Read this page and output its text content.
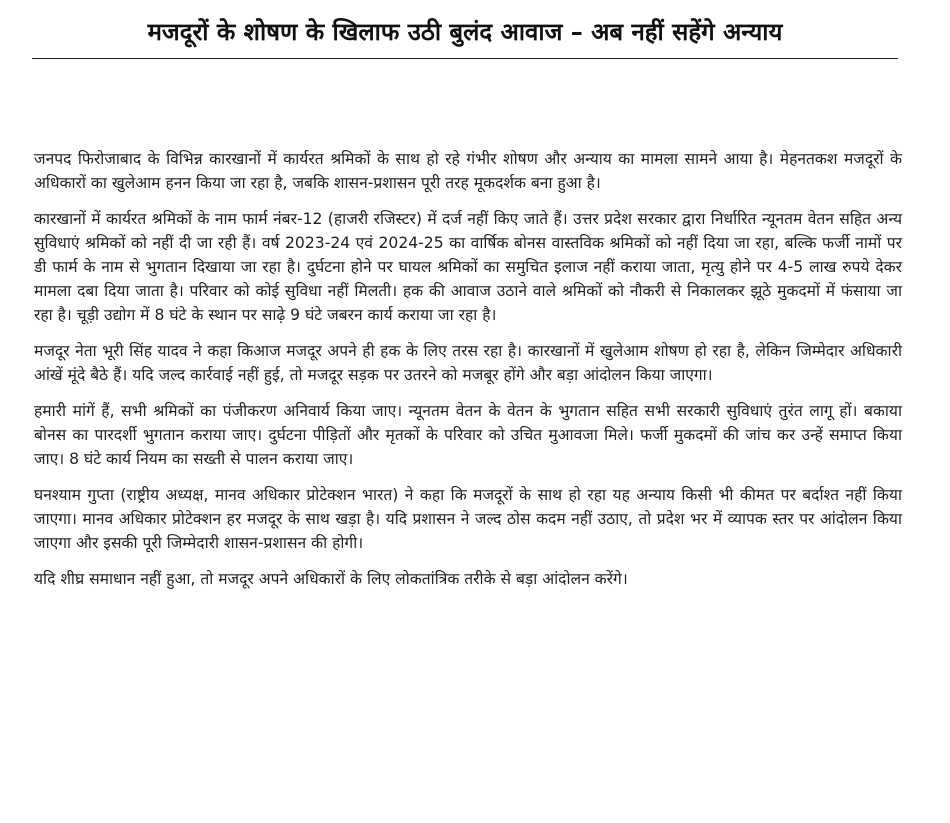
मजदूरों के शोषण के खिलाफ उठी बुलंद आवाज – अब नहीं सहेंगे अन्याय

जनपद फिरोजाबाद के विभिन्न कारखानों में कार्यरत श्रमिकों के साथ हो रहे गंभीर शोषण और अन्याय का मामला सामने आया है। मेहनतकश मजदूरों के अधिकारों का खुलेआम हनन किया जा रहा है, जबकि शासन-प्रशासन पूरी तरह मूकदर्शक बना हुआ है।

कारखानों में कार्यरत श्रमिकों के नाम फार्म नंबर-12 (हाजरी रजिस्टर) में दर्ज नहीं किए जाते हैं। उत्तर प्रदेश सरकार द्वारा निर्धारित न्यूनतम वेतन सहित अन्य सुविधाएं श्रमिकों को नहीं दी जा रही हैं। वर्ष 2023-24 एवं 2024-25 का वार्षिक बोनस वास्तविक श्रमिकों को नहीं दिया जा रहा, बल्कि फर्जी नामों पर डी फार्म के नाम से भुगतान दिखाया जा रहा है। दुर्घटना होने पर घायल श्रमिकों का समुचित इलाज नहीं कराया जाता, मृत्यु होने पर 4-5 लाख रुपये देकर मामला दबा दिया जाता है। परिवार को कोई सुविधा नहीं मिलती। हक की आवाज उठाने वाले श्रमिकों को नौकरी से निकालकर झूठे मुकदमों में फंसाया जा रहा है। चूड़ी उद्योग में 8 घंटे के स्थान पर साढ़े 9 घंटे जबरन कार्य कराया जा रहा है।

मजदूर नेता भूरी सिंह यादव ने कहा किआज मजदूर अपने ही हक के लिए तरस रहा है। कारखानों में खुलेआम शोषण हो रहा है, लेकिन जिम्मेदार अधिकारी आंखें मूंदे बैठे हैं। यदि जल्द कार्रवाई नहीं हुई, तो मजदूर सड़क पर उतरने को मजबूर होंगे और बड़ा आंदोलन किया जाएगा।

हमारी मांगें हैं, सभी श्रमिकों का पंजीकरण अनिवार्य किया जाए। न्यूनतम वेतन के वेतन के भुगतान सहित सभी सरकारी सुविधाएं तुरंत लागू हों। बकाया बोनस का पारदर्शी भुगतान कराया जाए। दुर्घटना पीड़ितों और मृतकों के परिवार को उचित मुआवजा मिले। फर्जी मुकदमों की जांच कर उन्हें समाप्त किया जाए। 8 घंटे कार्य नियम का सख्ती से पालन कराया जाए।

घनश्याम गुप्ता (राष्ट्रीय अध्यक्ष, मानव अधिकार प्रोटेक्शन भारत) ने कहा कि मजदूरों के साथ हो रहा यह अन्याय किसी भी कीमत पर बर्दाश्त नहीं किया जाएगा। मानव अधिकार प्रोटेक्शन हर मजदूर के साथ खड़ा है। यदि प्रशासन ने जल्द ठोस कदम नहीं उठाए, तो प्रदेश भर में व्यापक स्तर पर आंदोलन किया जाएगा और इसकी पूरी जिम्मेदारी शासन-प्रशासन की होगी।

यदि शीघ्र समाधान नहीं हुआ, तो मजदूर अपने अधिकारों के लिए लोकतांत्रिक तरीके से बड़ा आंदोलन करेंगे।
